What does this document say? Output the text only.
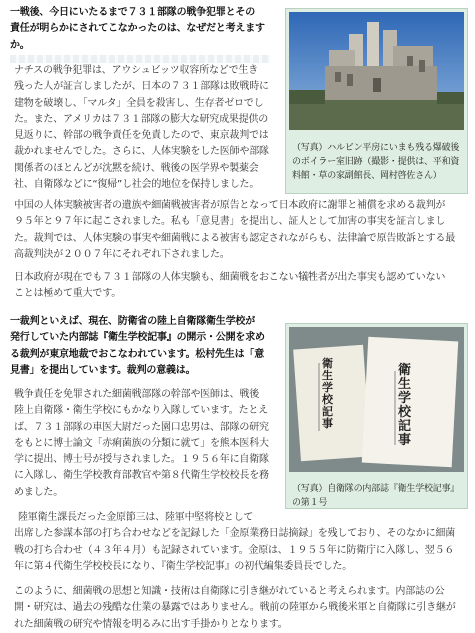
一戦後、今日にいたるまで７３１部隊の戦争犯罪とその
責任が明らかにされてこなかったのは、なぜだと考えます
か。
ナチスの戦争犯罪は、アウシュビッツ収容所などで生き
残った人が証言しましたが、日本の７３１部隊は敗戦時に
建物を破壊し、「マルタ」全員を殺害し、生存者ゼロでし
た。また、アメリカは７３１部隊の膨大な研究成果提供の
見返りに、幹部の戦争責任を免責したので、東京裁判では
裁かれませんでした。さらに、人体実験をした医師や部隊
関係者のほとんどが沈黙を続け、戦後の医学界や製薬会
社、自衛隊などに“復帰”し社会的地位を保持しました。
（写真）ハルビン平房にいまも残る爆破後
のボイラー室旧跡（撮影・提供は、平和資
料館・草の家副館長、岡村啓佐さん）
中国の人体実験被害者の遺族や細菌戦被害者が原告となって日本政府に謝罪と補償を求める裁判が
９５年と９７年に起こされました。私も「意見書」を提出し、証人として加害の事実を証言しまし
た。裁判では、人体実験の事実や細菌戦による被害も認定されながらも、法律論で原告敗訴とする最
高裁判決が２００７年にそれぞれ下されました。
日本政府が現在でも７３１部隊の人体実験も、細菌戦をおこない犠牲者が出た事実も認めていない
ことは極めて重大です。
一裁判といえば、現在、防衛省の陸上自衛隊衛生学校が
発行していた内部誌『衛生学校記事』の開示・公開を求め
る裁判が東京地裁でおこなわれています。松村先生は「意
見書」を提出しています。裁判の意義は。
戦争責任を免罪された細菌戦部隊の幹部や医師は、戦後
陸上自衛隊・衛生学校にもかなり入隊しています。たとえ
ば、７３１部隊の車医大尉だった園口忠男は、部隊の研究
をもとに博士論文「赤痢菌族の分類に就て」を熊本医科大
学に提出、博士号が授与されました。１９５６年に自衛隊
に入隊し、衛生学校教育部教官や第８代衛生学校校長を務
めました。
衛生学校記事
衛生学校記事
（写真）自衛隊の内部誌『衛生学校記事』
の第１号
陸軍衛生課長だった金原節三は、陸軍中堅将校として
出席した参謀本部の打ち合わせなどを記録した「金原業務日誌摘録」を残しており、そのなかに細菌
戦の打ち合わせ（４３年４月）も記録されています。金原は、１９５５年に防衛庁に入隊し、翌５６
年に第４代衛生学校校長になり、『衛生学校記事』の初代編集委員長でした。
このように、細菌戦の思想と知識・技術は自衛隊に引き継がれていると考えられます。内部誌の公
開・研究は、過去の残酷な仕業の暴露ではありません。戦前の陸軍から戦後米軍と自衛隊に引き継が
れた細菌戦の研究や情報を明るみに出す手掛かりとなります。
